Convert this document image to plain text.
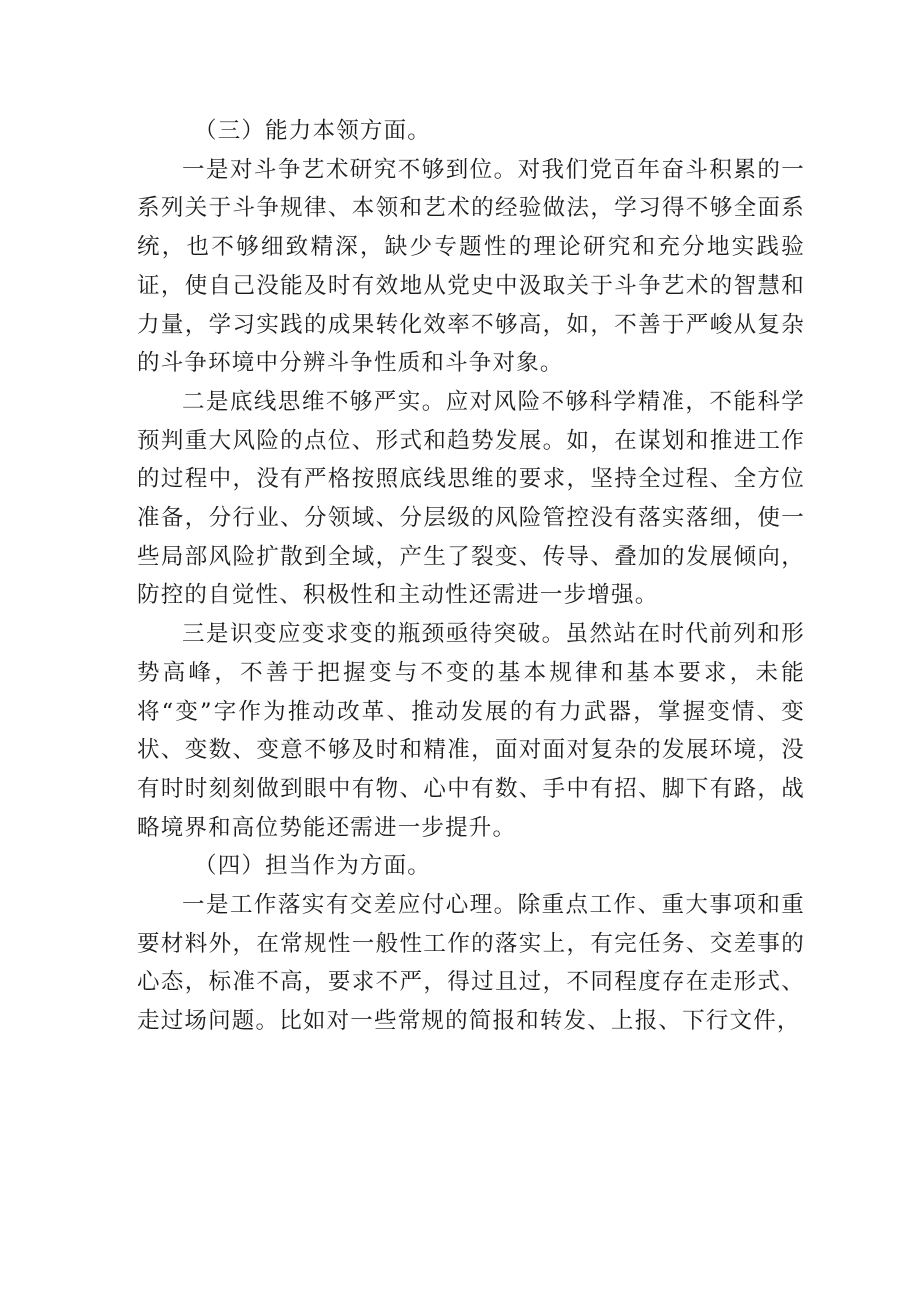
（三）能力本领方面。

一是对斗争艺术研究不够到位。对我们党百年奋斗积累的一系列关于斗争规律、本领和艺术的经验做法，学习得不够全面系统，也不够细致精深，缺少专题性的理论研究和充分地实践验证，使自己没能及时有效地从党史中汲取关于斗争艺术的智慧和力量，学习实践的成果转化效率不够高，如，不善于严峻从复杂的斗争环境中分辨斗争性质和斗争对象。

二是底线思维不够严实。应对风险不够科学精准，不能科学预判重大风险的点位、形式和趋势发展。如，在谋划和推进工作的过程中，没有严格按照底线思维的要求，坚持全过程、全方位准备，分行业、分领域、分层级的风险管控没有落实落细，使一些局部风险扩散到全域，产生了裂变、传导、叠加的发展倾向，防控的自觉性、积极性和主动性还需进一步增强。

三是识变应变求变的瓶颈亟待突破。虽然站在时代前列和形势高峰，不善于把握变与不变的基本规律和基本要求，未能将“变”字作为推动改革、推动发展的有力武器，掌握变情、变状、变数、变意不够及时和精准，面对面对复杂的发展环境，没有时时刻刻做到眼中有物、心中有数、手中有招、脚下有路，战略境界和高位势能还需进一步提升。

（四）担当作为方面。

一是工作落实有交差应付心理。除重点工作、重大事项和重要材料外，在常规性一般性工作的落实上，有完任务、交差事的心态，标准不高，要求不严，得过且过，不同程度存在走形式、走过场问题。比如对一些常规的简报和转发、上报、下行文件，
